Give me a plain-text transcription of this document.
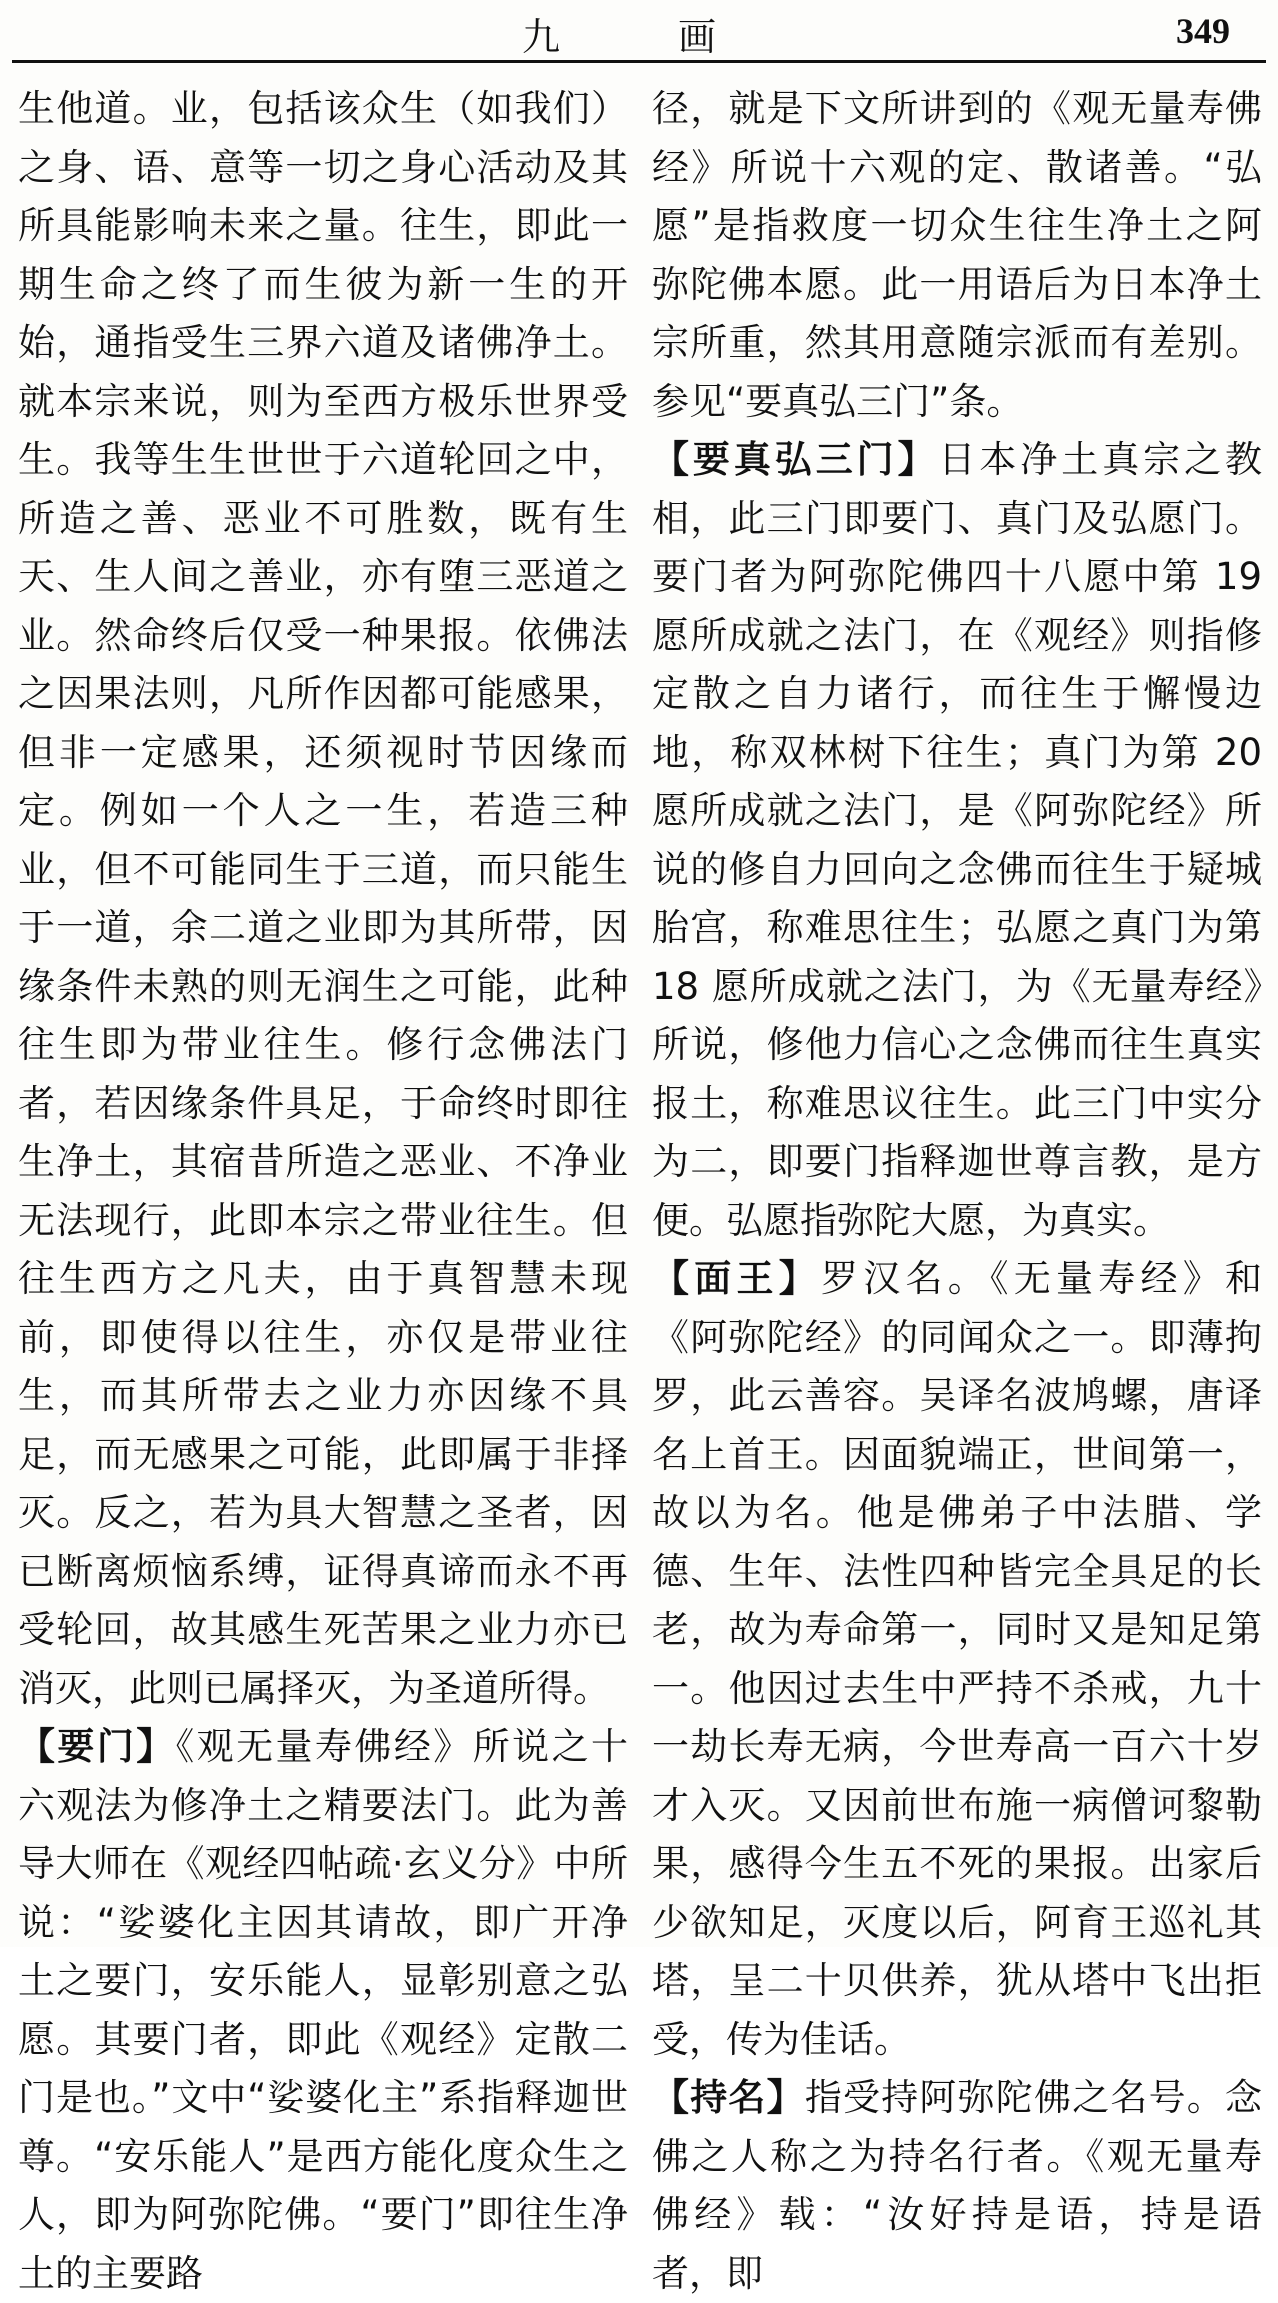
九　画	349

生他道。业，包括该众生（如我们）之身、语、意等一切之身心活动及其所具能影响未来之量。往生，即此一期生命之终了而生彼为新一生的开始，通指受生三界六道及诸佛净土。就本宗来说，则为至西方极乐世界受生。我等生生世世于六道轮回之中，所造之善、恶业不可胜数，既有生天、生人间之善业，亦有堕三恶道之业。然命终后仅受一种果报。依佛法之因果法则，凡所作因都可能感果，但非一定感果，还须视时节因缘而定。例如一个人之一生，若造三种业，但不可能同生于三道，而只能生于一道，余二道之业即为其所带，因缘条件未熟的则无润生之可能，此种往生即为带业往生。修行念佛法门者，若因缘条件具足，于命终时即往生净土，其宿昔所造之恶业、不净业无法现行，此即本宗之带业往生。但往生西方之凡夫，由于真智慧未现前，即使得以往生，亦仅是带业往生，而其所带去之业力亦因缘不具足，而无感果之可能，此即属于非择灭。反之，若为具大智慧之圣者，因已断离烦恼系缚，证得真谛而永不再受轮回，故其感生死苦果之业力亦已消灭，此则已属择灭，为圣道所得。

【要门】《观无量寿佛经》所说之十六观法为修净土之精要法门。此为善导大师在《观经四帖疏·玄义分》中所说：“娑婆化主因其请故，即广开净土之要门，安乐能人，显彰别意之弘愿。其要门者，即此《观经》定散二门是也。”文中“娑婆化主”系指释迦世尊。“安乐能人”是西方能化度众生之人，即为阿弥陀佛。“要门”即往生净土的主要路

径，就是下文所讲到的《观无量寿佛经》所说十六观的定、散诸善。“弘愿”是指救度一切众生往生净土之阿弥陀佛本愿。此一用语后为日本净土宗所重，然其用意随宗派而有差别。参见“要真弘三门”条。

【要真弘三门】日本净土真宗之教相，此三门即要门、真门及弘愿门。要门者为阿弥陀佛四十八愿中第 19 愿所成就之法门，在《观经》则指修定散之自力诸行，而往生于懈慢边地，称双林树下往生；真门为第 20 愿所成就之法门，是《阿弥陀经》所说的修自力回向之念佛而往生于疑城胎宫，称难思往生；弘愿之真门为第 18 愿所成就之法门，为《无量寿经》所说，修他力信心之念佛而往生真实报土，称难思议往生。此三门中实分为二，即要门指释迦世尊言教，是方便。弘愿指弥陀大愿，为真实。

【面王】罗汉名。《无量寿经》和《阿弥陀经》的同闻众之一。即薄拘罗，此云善容。吴译名波鸠螺，唐译名上首王。因面貌端正，世间第一，故以为名。他是佛弟子中法腊、学德、生年、法性四种皆完全具足的长老，故为寿命第一，同时又是知足第一。他因过去生中严持不杀戒，九十一劫长寿无病，今世寿高一百六十岁才入灭。又因前世布施一病僧诃黎勒果，感得今生五不死的果报。出家后少欲知足，灭度以后，阿育王巡礼其塔，呈二十贝供养，犹从塔中飞出拒受，传为佳话。

【持名】指受持阿弥陀佛之名号。念佛之人称之为持名行者。《观无量寿佛经》载：“汝好持是语，持是语者，即
